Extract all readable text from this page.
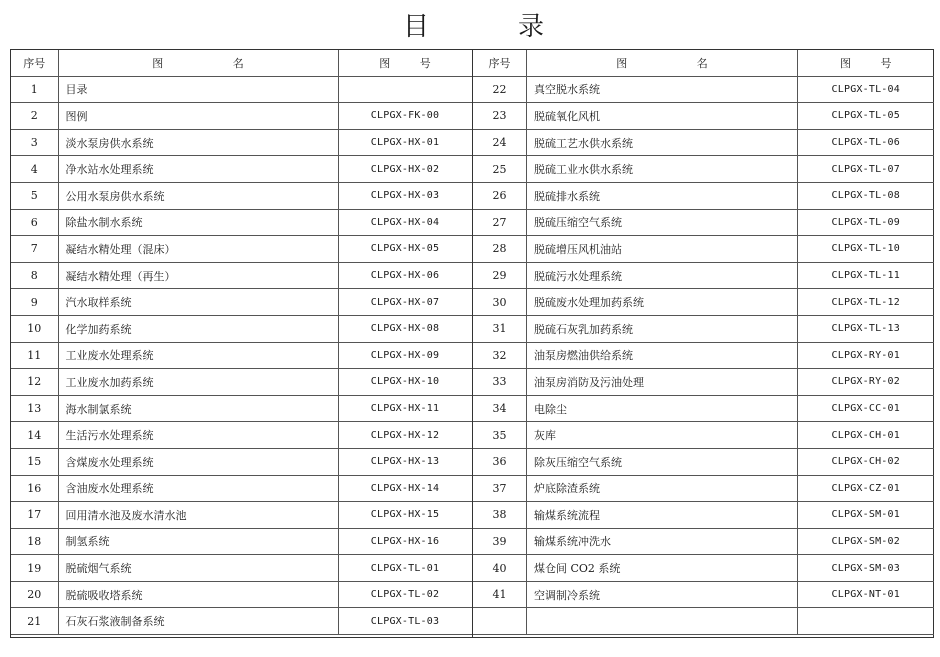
目	录
序号	图 名	图 号
1	目录	
2	图例	CLPGX-FK-00
3	淡水泵房供水系统	CLPGX-HX-01
4	净水站水处理系统	CLPGX-HX-02
5	公用水泵房供水系统	CLPGX-HX-03
6	除盐水制水系统	CLPGX-HX-04
7	凝结水精处理（混床）	CLPGX-HX-05
8	凝结水精处理（再生）	CLPGX-HX-06
9	汽水取样系统	CLPGX-HX-07
10	化学加药系统	CLPGX-HX-08
11	工业废水处理系统	CLPGX-HX-09
12	工业废水加药系统	CLPGX-HX-10
13	海水制氯系统	CLPGX-HX-11
14	生活污水处理系统	CLPGX-HX-12
15	含煤废水处理系统	CLPGX-HX-13
16	含油废水处理系统	CLPGX-HX-14
17	回用清水池及废水清水池	CLPGX-HX-15
18	制氢系统	CLPGX-HX-16
19	脱硫烟气系统	CLPGX-TL-01
20	脱硫吸收塔系统	CLPGX-TL-02
21	石灰石浆液制备系统	CLPGX-TL-03
序号	图 名	图 号
22	真空脱水系统	CLPGX-TL-04
23	脱硫氧化风机	CLPGX-TL-05
24	脱硫工艺水供水系统	CLPGX-TL-06
25	脱硫工业水供水系统	CLPGX-TL-07
26	脱硫排水系统	CLPGX-TL-08
27	脱硫压缩空气系统	CLPGX-TL-09
28	脱硫增压风机油站	CLPGX-TL-10
29	脱硫污水处理系统	CLPGX-TL-11
30	脱硫废水处理加药系统	CLPGX-TL-12
31	脱硫石灰乳加药系统	CLPGX-TL-13
32	油泵房燃油供给系统	CLPGX-RY-01
33	油泵房消防及污油处理	CLPGX-RY-02
34	电除尘	CLPGX-CC-01
35	灰库	CLPGX-CH-01
36	除灰压缩空气系统	CLPGX-CH-02
37	炉底除渣系统	CLPGX-CZ-01
38	输煤系统流程	CLPGX-SM-01
39	输煤系统冲洗水	CLPGX-SM-02
40	煤仓间 CO2 系统	CLPGX-SM-03
41	空调制冷系统	CLPGX-NT-01
